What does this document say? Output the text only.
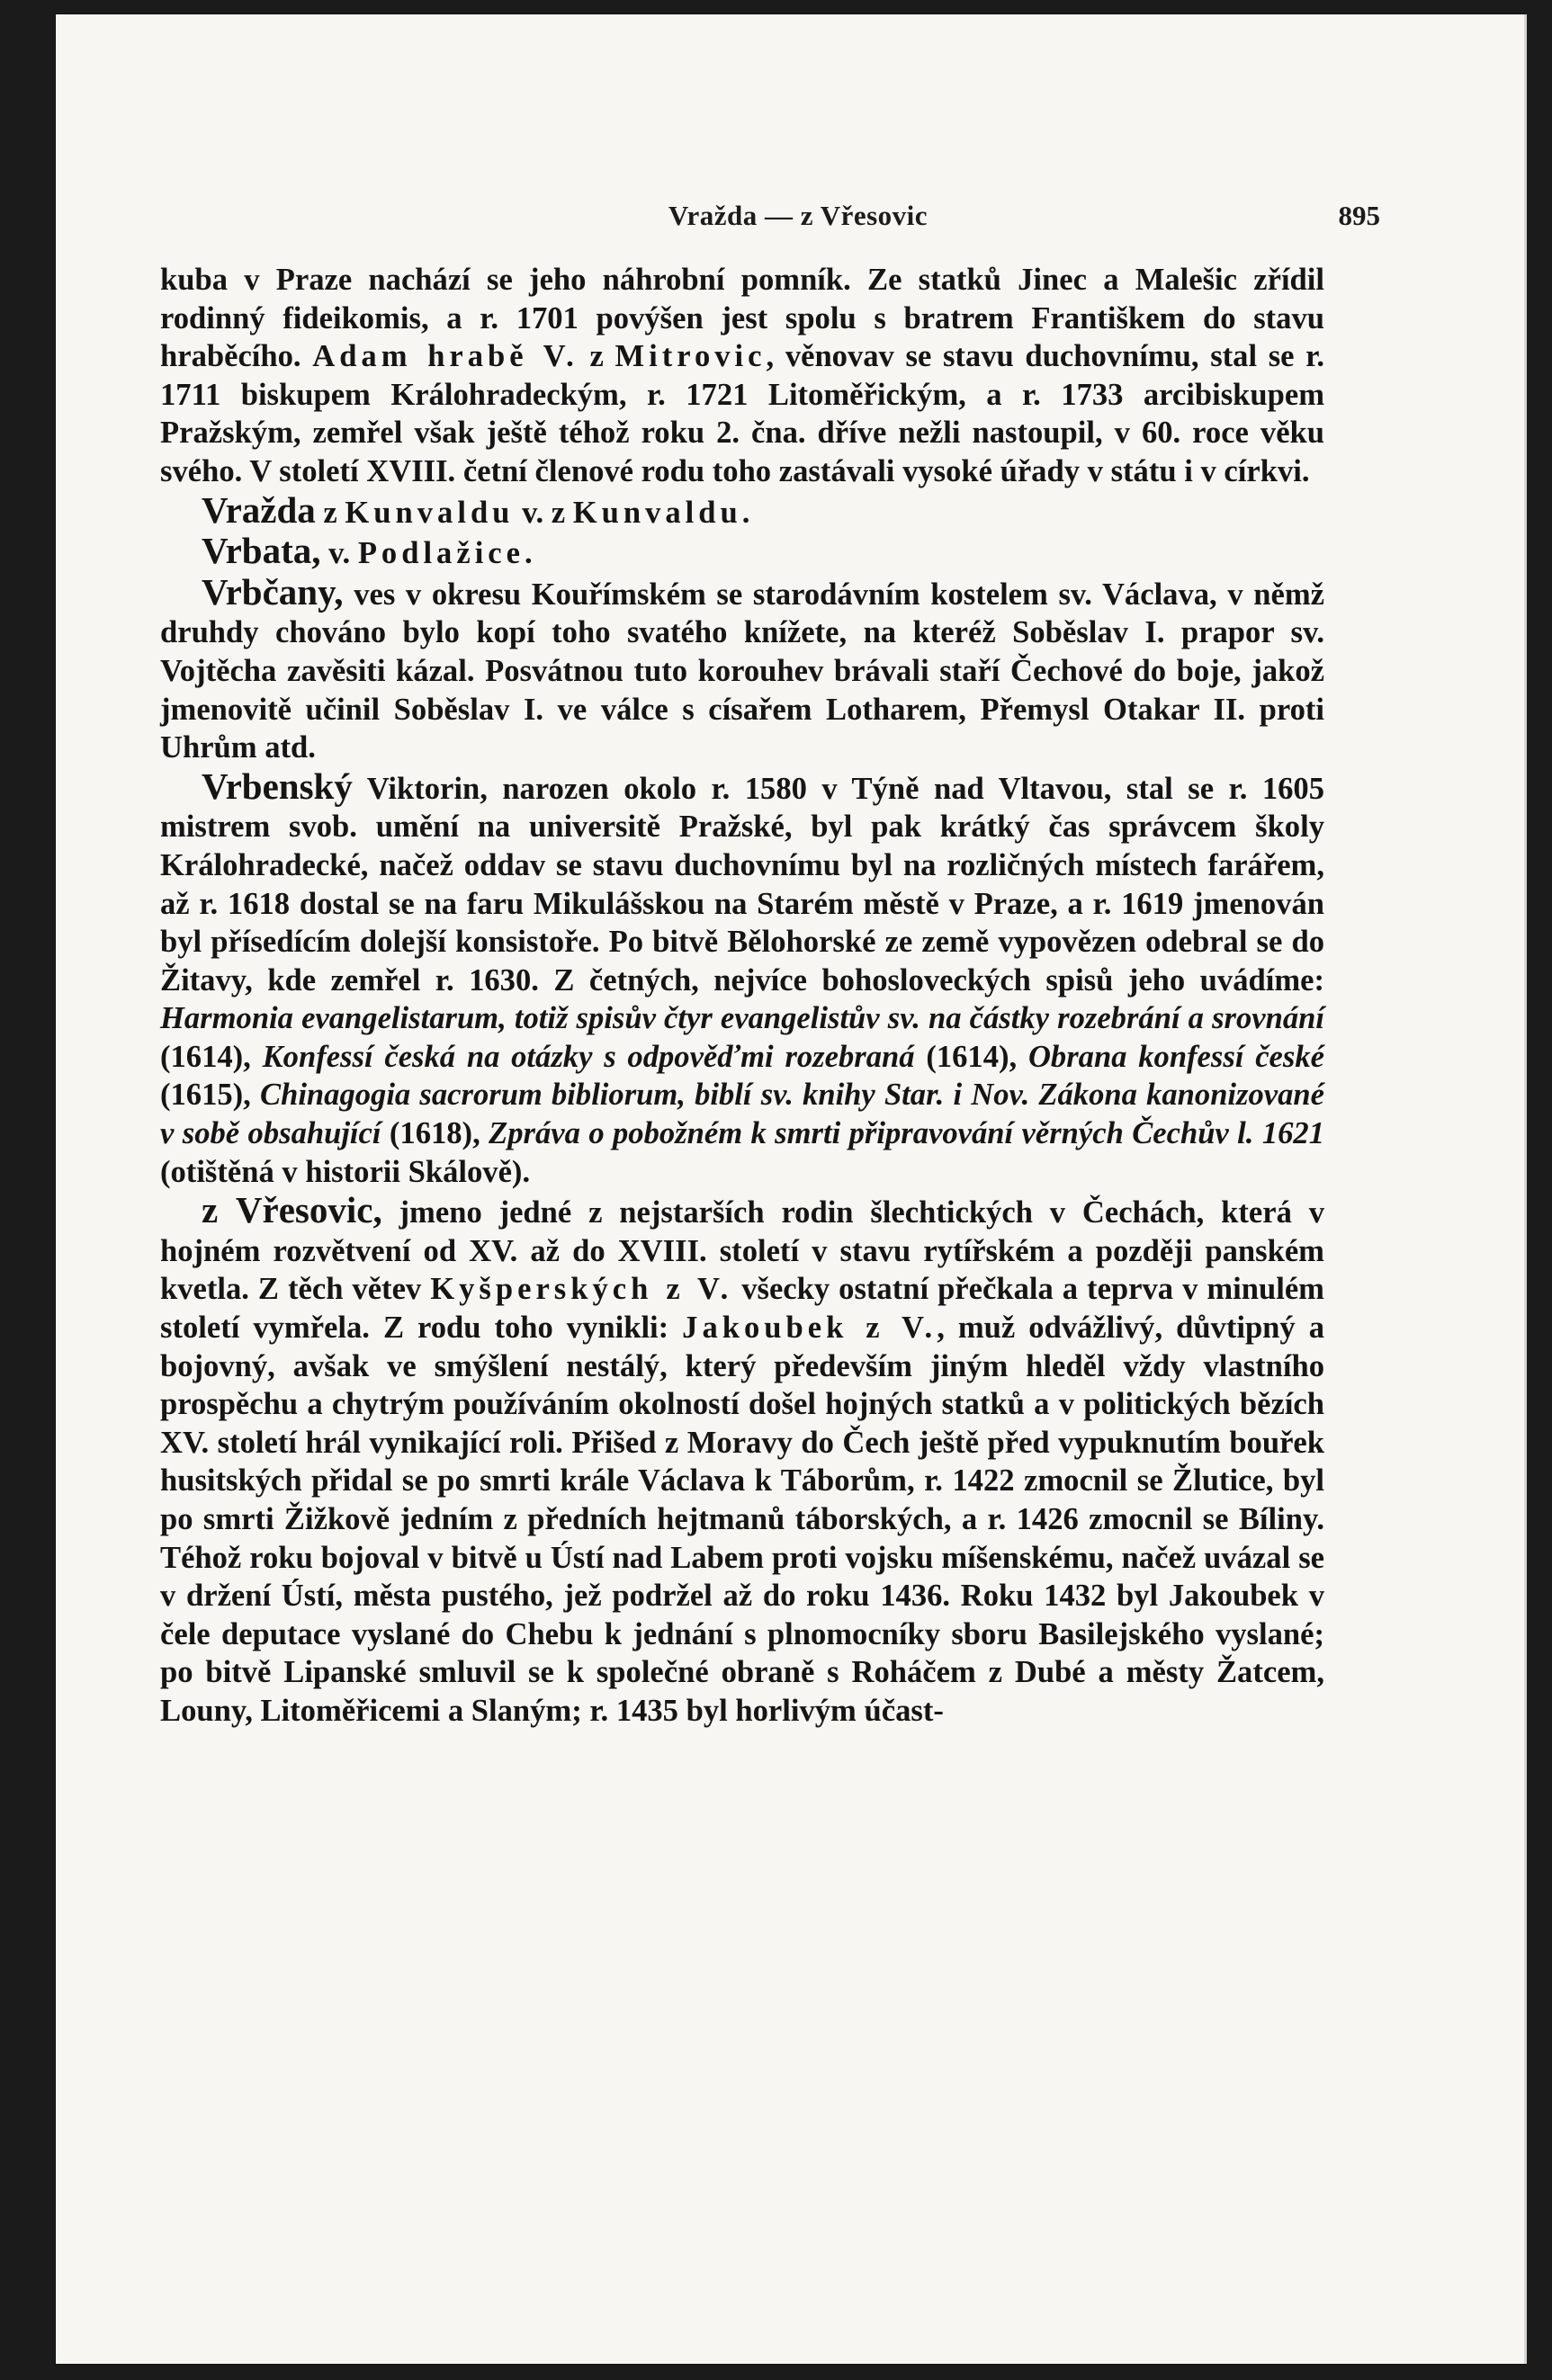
Vražda — z Vřesovic	895

kuba v Praze nachází se jeho náhrobní pomník. Ze statků Jinec a Malešic zřídil rodinný fideikomis, a r. 1701 povýšen jest spolu s bratrem Františkem do stavu hraběcího. Adam hrabě V. z Mitrovic, věnovav se stavu duchovnímu, stal se r. 1711 biskupem Králohradeckým, r. 1721 Litoměřickým, a r. 1733 arcibiskupem Pražským, zemřel však ještě téhož roku 2. čna. dříve nežli nastoupil, v 60. roce věku svého. V století XVIII. četní členové rodu toho zastávali vysoké úřady v státu i v církvi.

Vražda z Kunvaldu v. z Kunvaldu.

Vrbata, v. Podlažice.

Vrbčany, ves v okresu Kouřímském se starodávním kostelem sv. Václava, v němž druhdy chováno bylo kopí toho svatého knížete, na kteréž Soběslav I. prapor sv. Vojtěcha zavěsiti kázal. Posvátnou tuto korouhev brávali staří Čechové do boje, jakož jmenovitě učinil Soběslav I. ve válce s císařem Lotharem, Přemysl Otakar II. proti Uhrům atd.

Vrbenský Viktorin, narozen okolo r. 1580 v Týně nad Vltavou, stal se r. 1605 mistrem svob. umění na universitě Pražské, byl pak krátký čas správcem školy Králohradecké, načež oddav se stavu duchovnímu byl na rozličných místech farářem, až r. 1618 dostal se na faru Mikulášskou na Starém městě v Praze, a r. 1619 jmenován byl přísedícím dolejší konsistoře. Po bitvě Bělohorské ze země vypovězen odebral se do Žitavy, kde zemřel r. 1630. Z četných, nejvíce bohosloveckých spisů jeho uvádíme: Harmonia evangelistarum, totiž spisův čtyr evangelistův sv. na částky rozebrání a srovnání (1614), Konfessí česká na otázky s odpověďmi rozebraná (1614), Obrana konfessí české (1615), Chinagogia sacrorum bibliorum, biblí sv. knihy Star. i Nov. Zákona kanonizované v sobě obsahující (1618), Zpráva o pobožném k smrti připravování věrných Čechův l. 1621 (otištěná v historii Skálově).

z Vřesovic, jmeno jedné z nejstarších rodin šlechtických v Čechách, která v hojném rozvětvení od XV. až do XVIII. století v stavu rytířském a později panském kvetla. Z těch větev Kyšperských z V. všecky ostatní přečkala a teprva v minulém století vymřela. Z rodu toho vynikli: Jakoubek z V., muž odvážlivý, důvtipný a bojovný, avšak ve smýšlení nestálý, který především jiným hleděl vždy vlastního prospěchu a chytrým používáním okolností došel hojných statků a v politických bězích XV. století hrál vynikající roli. Přišed z Moravy do Čech ještě před vypuknutím bouřek husitských přidal se po smrti krále Václava k Táborům, r. 1422 zmocnil se Žlutice, byl po smrti Žižkově jedním z předních hejtmanů táborských, a r. 1426 zmocnil se Bíliny. Téhož roku bojoval v bitvě u Ústí nad Labem proti vojsku míšenskému, načež uvázal se v držení Ústí, města pustého, jež podržel až do roku 1436. Roku 1432 byl Jakoubek v čele deputace vyslané do Chebu k jednání s plnomocníky sboru Basilejského vyslané; po bitvě Lipanské smluvil se k společné obraně s Roháčem z Dubé a městy Žatcem, Louny, Litoměřicemi a Slaným; r. 1435 byl horlivým účast-
